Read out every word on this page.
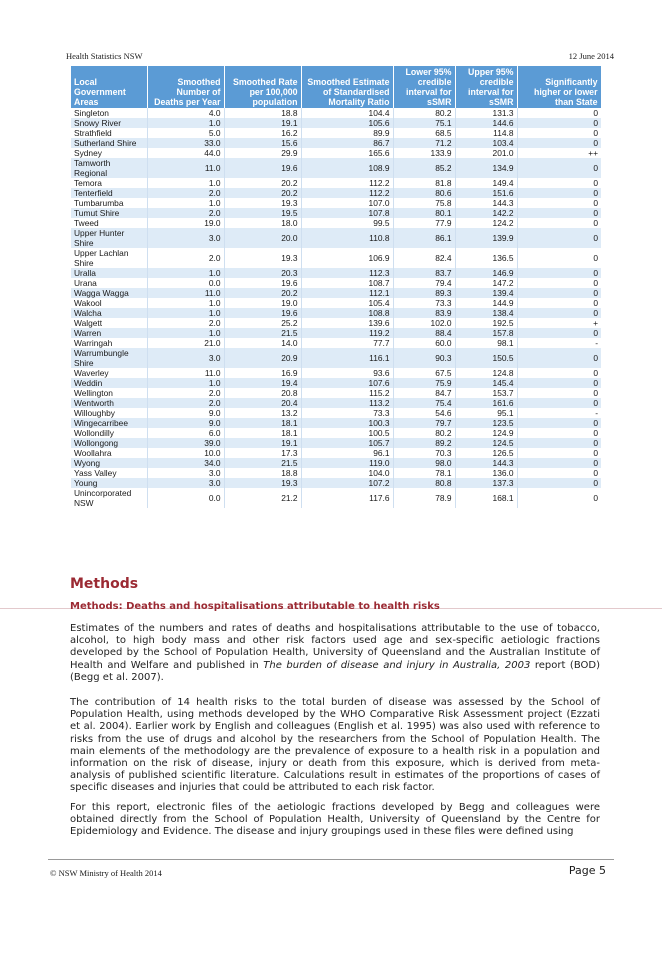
Health Statistics NSW	12 June 2014
Local Government Areas	Smoothed Number of Deaths per Year	Smoothed Rate per 100,000 population	Smoothed Estimate of Standardised Mortality Ratio	Lower 95% credible interval for sSMR	Upper 95% credible interval for sSMR	Significantly higher or lower than State
Singleton	4.0	18.8	104.4	80.2	131.3	0
Snowy River	1.0	19.1	105.6	75.1	144.6	0
Strathfield	5.0	16.2	89.9	68.5	114.8	0
Sutherland Shire	33.0	15.6	86.7	71.2	103.4	0
Sydney	44.0	29.9	165.6	133.9	201.0	++
Tamworth Regional	11.0	19.6	108.9	85.2	134.9	0
Temora	1.0	20.2	112.2	81.8	149.4	0
Tenterfield	2.0	20.2	112.2	80.6	151.6	0
Tumbarumba	1.0	19.3	107.0	75.8	144.3	0
Tumut Shire	2.0	19.5	107.8	80.1	142.2	0
Tweed	19.0	18.0	99.5	77.9	124.2	0
Upper Hunter Shire	3.0	20.0	110.8	86.1	139.9	0
Upper Lachlan Shire	2.0	19.3	106.9	82.4	136.5	0
Uralla	1.0	20.3	112.3	83.7	146.9	0
Urana	0.0	19.6	108.7	79.4	147.2	0
Wagga Wagga	11.0	20.2	112.1	89.3	139.4	0
Wakool	1.0	19.0	105.4	73.3	144.9	0
Walcha	1.0	19.6	108.8	83.9	138.4	0
Walgett	2.0	25.2	139.6	102.0	192.5	+
Warren	1.0	21.5	119.2	88.4	157.8	0
Warringah	21.0	14.0	77.7	60.0	98.1	-
Warrumbungle Shire	3.0	20.9	116.1	90.3	150.5	0
Waverley	11.0	16.9	93.6	67.5	124.8	0
Weddin	1.0	19.4	107.6	75.9	145.4	0
Wellington	2.0	20.8	115.2	84.7	153.7	0
Wentworth	2.0	20.4	113.2	75.4	161.6	0
Willoughby	9.0	13.2	73.3	54.6	95.1	-
Wingecarribee	9.0	18.1	100.3	79.7	123.5	0
Wollondilly	6.0	18.1	100.5	80.2	124.9	0
Wollongong	39.0	19.1	105.7	89.2	124.5	0
Woollahra	10.0	17.3	96.1	70.3	126.5	0
Wyong	34.0	21.5	119.0	98.0	144.3	0
Yass Valley	3.0	18.8	104.0	78.1	136.0	0
Young	3.0	19.3	107.2	80.8	137.3	0
Unincorporated NSW	0.0	21.2	117.6	78.9	168.1	0
Methods
Methods: Deaths and hospitalisations attributable to health risks
Estimates of the numbers and rates of deaths and hospitalisations attributable to the use of tobacco, alcohol, to high body mass and other risk factors used age and sex-specific aetiologic fractions developed by the School of Population Health, University of Queensland and the Australian Institute of Health and Welfare and published in The burden of disease and injury in Australia, 2003 report (BOD) (Begg et al. 2007).
The contribution of 14 health risks to the total burden of disease was assessed by the School of Population Health, using methods developed by the WHO Comparative Risk Assessment project (Ezzati et al. 2004). Earlier work by English and colleagues (English et al. 1995) was also used with reference to risks from the use of drugs and alcohol by the researchers from the School of Population Health. The main elements of the methodology are the prevalence of exposure to a health risk in a population and information on the risk of disease, injury or death from this exposure, which is derived from meta-analysis of published scientific literature. Calculations result in estimates of the proportions of cases of specific diseases and injuries that could be attributed to each risk factor.
For this report, electronic files of the aetiologic fractions developed by Begg and colleagues were obtained directly from the School of Population Health, University of Queensland by the Centre for Epidemiology and Evidence. The disease and injury groupings used in these files were defined using
© NSW Ministry of Health 2014	Page 5
